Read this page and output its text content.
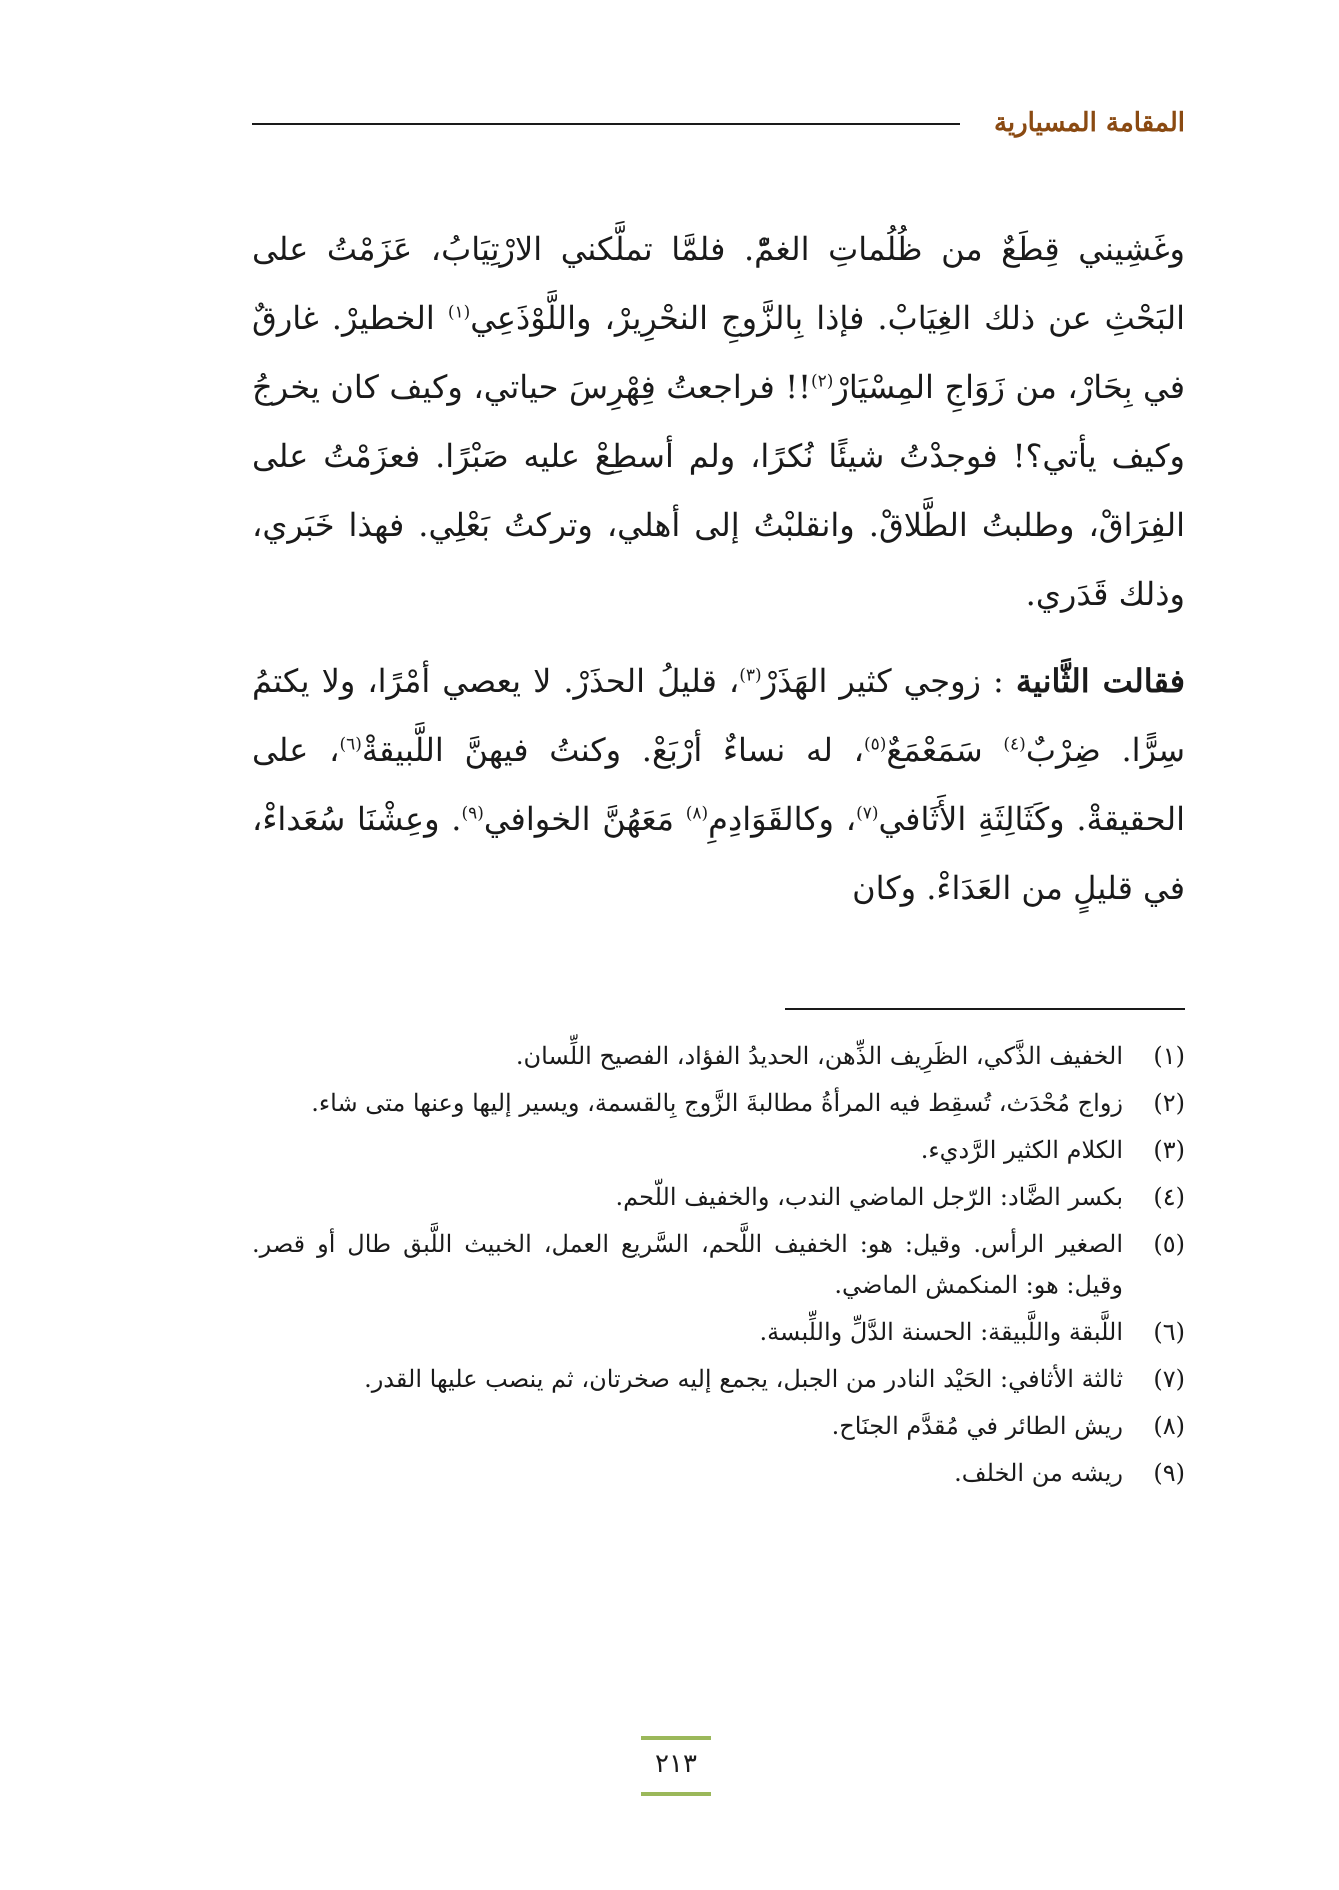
المقامة المسيارية

وغَشِيني قِطَعٌ من ظُلُماتِ الغمّْ. فلمَّا تملَّكني الارْتِيَابُ، عَزَمْتُ على البَحْثِ عن ذلك الغِيَابْ. فإذا بِالزَّوجِ النحْرِيرْ، واللَّوْذَعِي$^{(١)}$ الخطيرْ. غارقٌ في بِحَارْ، من زَوَاجِ المِسْيَارْ$^{(٢)}$!! فراجعتُ فِهْرِسَ حياتي، وكيف كان يخرجُ وكيف يأتي؟! فوجدْتُ شيئًا نُكرًا، ولم أسطِعْ عليه صَبْرًا. فعزَمْتُ على الفِرَاقْ، وطلبتُ الطَّلاقْ. وانقلبْتُ إلى أهلي، وتركتُ بَعْلِي. فهذا خَبَري، وذلك قَدَري.

فقالت الثَّانية : زوجي كثير الهَذَرْ$^{(٣)}$، قليلُ الحذَرْ. لا يعصي أمْرًا، ولا يكتمُ سِرًّا. ضِرْبٌ$^{(٤)}$ سَمَعْمَعٌ$^{(٥)}$، له نساءٌ أرْبَعْ. وكنتُ فيهنَّ اللَّبيقةْ$^{(٦)}$، على الحقيقةْ. وكَثَالِثَةِ الأَثَافي$^{(٧)}$، وكالقَوَادِمِ$^{(٨)}$ مَعَهُنَّ الخوافي$^{(٩)}$. وعِشْنَا سُعَداءْ، في قليلٍ من العَدَاءْ. وكان

(١)
الخفيف الذَّكي، الظَرِيف الذِّهن، الحديدُ الفؤاد، الفصيح اللِّسان.
(٢)
زواج مُحْدَث، تُسقِط فيه المرأةُ مطالبةَ الزَّوج بِالقسمة، ويسير إليها وعنها متى شاء.
(٣)
الكلام الكثير الرَّديء.
(٤)
بكسر الضَّاد: الرّجل الماضي الندب، والخفيف اللّحم.
(٥)
الصغير الرأس. وقيل: هو: الخفيف اللَّحم، السَّريع العمل، الخبيث اللَّبق طال أو قصر. وقيل: هو: المنكمش الماضي.
(٦)
اللَّبقة واللَّبيقة: الحسنة الدَّلِّ واللِّبسة.
(٧)
ثالثة الأثافي: الحَيْد النادر من الجبل، يجمع إليه صخرتان، ثم ينصب عليها القدر.
(٨)
ريش الطائر في مُقدَّم الجنَاح.
(٩)
ريشه من الخلف.
٢١٣
